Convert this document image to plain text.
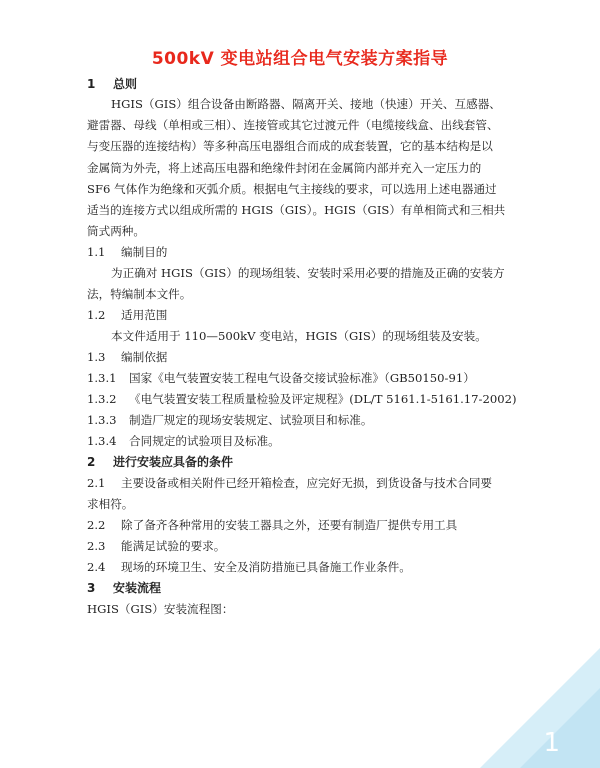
500kV 变电站组合电气安装方案指导
1 总则
HGIS（GIS）组合设备由断路器、隔离开关、接地（快速）开关、互感器、
避雷器、母线（单相或三相）、连接管或其它过渡元件（电缆接线盒、出线套管、
与变压器的连接结构）等多种高压电器组合而成的成套装置，它的基本结构是以
金属筒为外壳，将上述高压电器和绝缘件封闭在金属筒内部并充入一定压力的
SF6 气体作为绝缘和灭弧介质。根据电气主接线的要求，可以选用上述电器通过
适当的连接方式以组成所需的 HGIS（GIS）。HGIS（GIS）有单相筒式和三相共
筒式两种。
1.1 编制目的
为正确对 HGIS（GIS）的现场组装、安装时采用必要的措施及正确的安装方
法，特编制本文件。
1.2 适用范围
本文件适用于 110—500kV 变电站，HGIS（GIS）的现场组装及安装。
1.3 编制依据
1.3.1 国家《电气装置安装工程电气设备交接试验标准》（GB50150-91）
1.3.2 《电气装置安装工程质量检验及评定规程》(DL/T 5161.1-5161.17-2002)
1.3.3 制造厂规定的现场安装规定、试验项目和标准。
1.3.4 合同规定的试验项目及标准。
2 进行安装应具备的条件
2.1 主要设备或相关附件已经开箱检查，应完好无损，到货设备与技术合同要
求相符。
2.2 除了备齐各种常用的安装工器具之外，还要有制造厂提供专用工具
2.3 能满足试验的要求。
2.4 现场的环境卫生、安全及消防措施已具备施工作业条件。
3 安装流程
HGIS（GIS）安装流程图：
1
